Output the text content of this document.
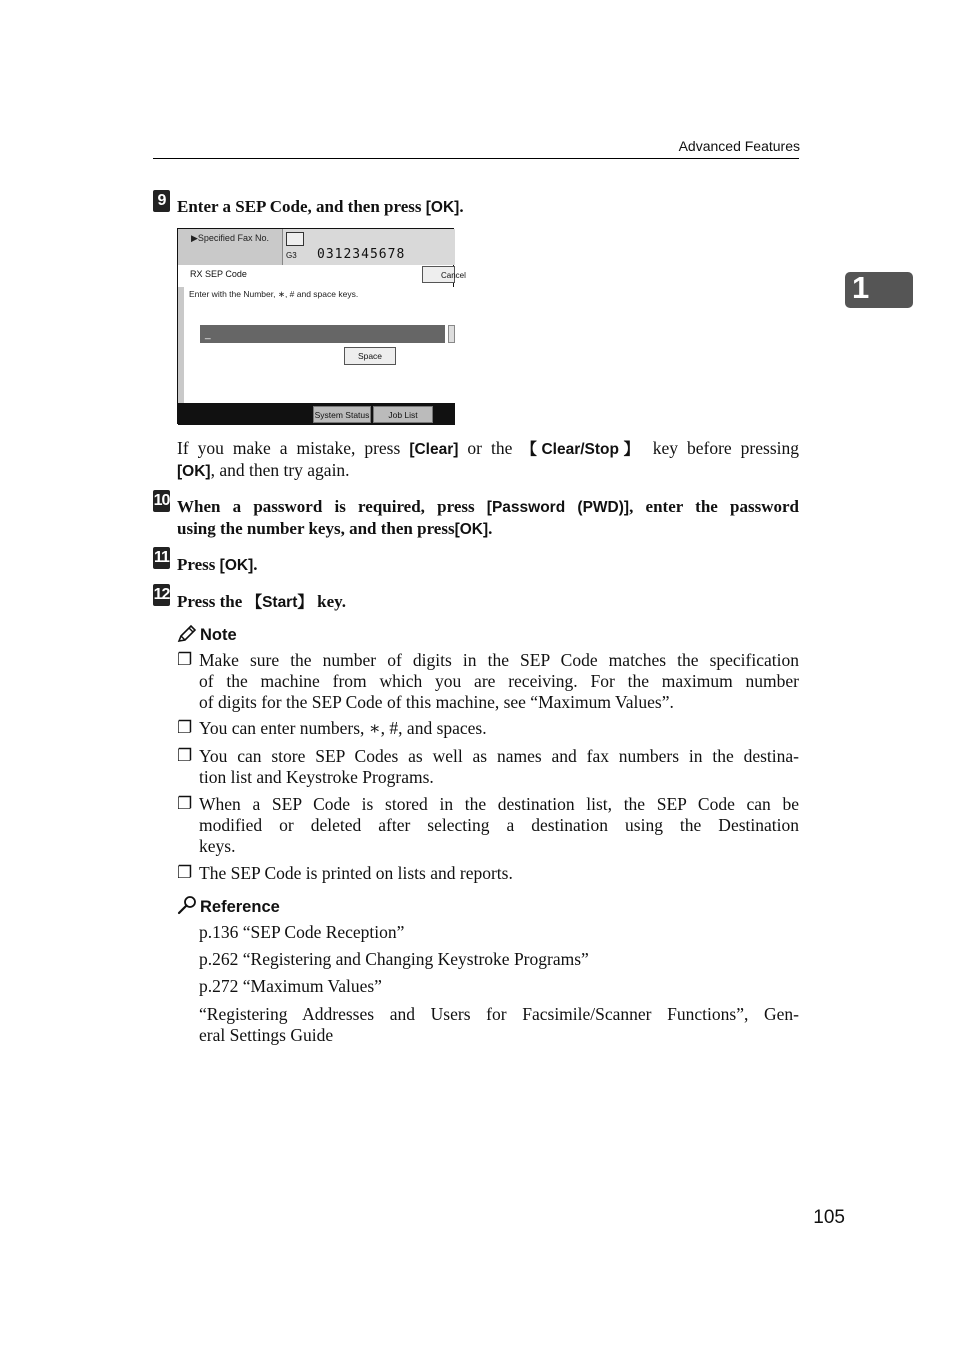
Advanced Features
1
9 Enter a SEP Code, and then press [OK].
▶Specified Fax No.
G3 0312345678
RX SEP Code	Cancel
Enter with the Number, ∗, # and space keys.
_
Space
System Status	Job List
If you make a mistake, press [Clear] or the 【Clear/Stop】 key before pressing
[OK], and then try again.
10 When a password is required, press [Password (PWD)], enter the password
using the number keys, and then press[OK].
11 Press [OK].
12 Press the 【Start】 key.
Note
❐ Make sure the number of digits in the SEP Code matches the specification
of the machine from which you are receiving. For the maximum number
of digits for the SEP Code of this machine, see “Maximum Values”.
❐ You can enter numbers, ∗, #, and spaces.
❐ You can store SEP Codes as well as names and fax numbers in the destina-
tion list and Keystroke Programs.
❐ When a SEP Code is stored in the destination list, the SEP Code can be
modified or deleted after selecting a destination using the Destination
keys.
❐ The SEP Code is printed on lists and reports.
Reference
p.136 “SEP Code Reception”
p.262 “Registering and Changing Keystroke Programs”
p.272 “Maximum Values”
“Registering Addresses and Users for Facsimile/Scanner Functions”, Gen-
eral Settings Guide
105
